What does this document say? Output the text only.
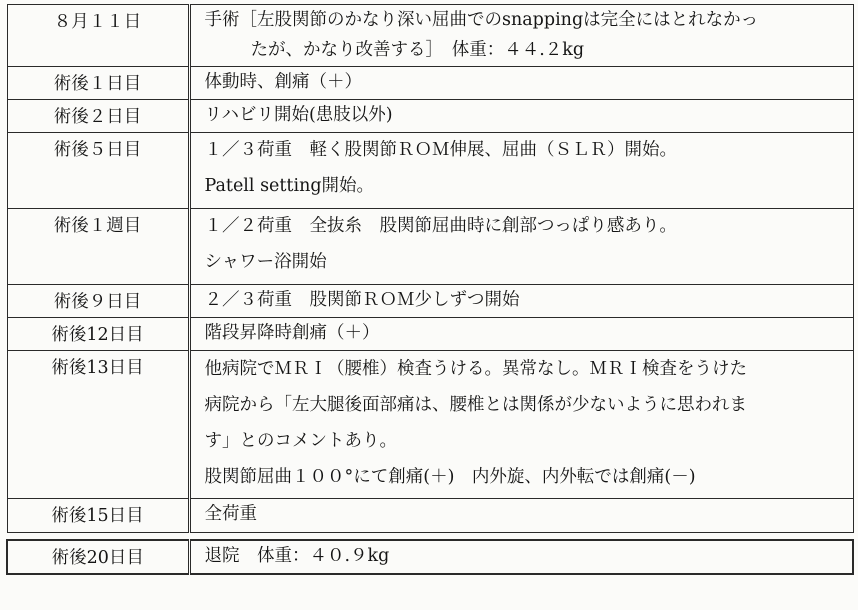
８月１１日	手術［左股関節のかなり深い屈曲でのsnappingは完全にはとれなかっ
たが、かなり改善する］　体重：４４.２kg

術後１日目	体動時、創痛（＋）

術後２日目	リハビリ開始(患肢以外)

術後５日目	１／３荷重　軽く股関節ＲＯＭ伸展、屈曲（ＳＬＲ）開始。
Patell setting開始。

術後１週目	１／２荷重　全抜糸　股関節屈曲時に創部つっぱり感あり。
シャワー浴開始

術後９日目	２／３荷重　股関節ＲＯＭ少しずつ開始

術後12日目	階段昇降時創痛（＋）

術後13日目	他病院でＭＲＩ（腰椎）検査うける。異常なし。ＭＲＩ検査をうけた
病院から「左大腿後面部痛は、腰椎とは関係が少ないように思われま
す」とのコメントあり。
股関節屈曲１００°にて創痛(＋)　内外旋、内外転では創痛(－)

術後15日目	全荷重

術後20日目	退院　体重：４０.９kg
